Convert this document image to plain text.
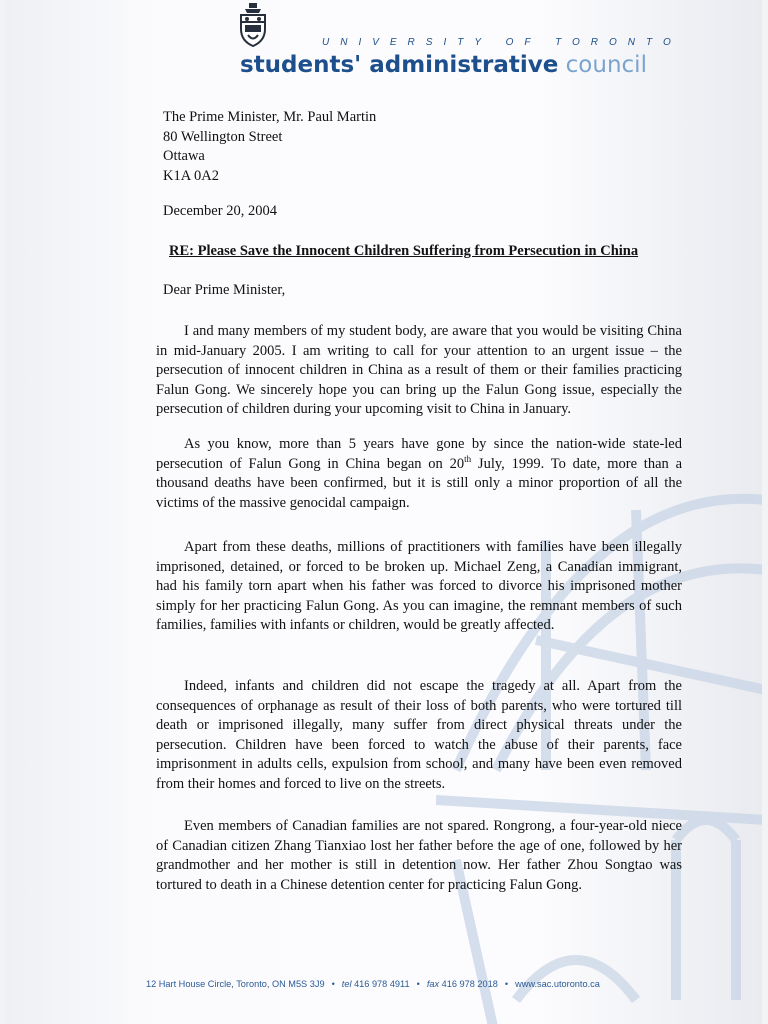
UNIVERSITY OF TORONTO
students' administrative council
The Prime Minister, Mr. Paul Martin
80 Wellington Street
Ottawa
K1A 0A2
December 20, 2004
RE: Please Save the Innocent Children Suffering from Persecution in China
Dear Prime Minister,
I and many members of my student body, are aware that you would be visiting China in mid-January 2005. I am writing to call for your attention to an urgent issue – the persecution of innocent children in China as a result of them or their families practicing Falun Gong. We sincerely hope you can bring up the Falun Gong issue, especially the persecution of children during your upcoming visit to China in January.
As you know, more than 5 years have gone by since the nation-wide state-led persecution of Falun Gong in China began on 20th July, 1999. To date, more than a thousand deaths have been confirmed, but it is still only a minor proportion of all the victims of the massive genocidal campaign.
Apart from these deaths, millions of practitioners with families have been illegally imprisoned, detained, or forced to be broken up. Michael Zeng, a Canadian immigrant, had his family torn apart when his father was forced to divorce his imprisoned mother simply for her practicing Falun Gong. As you can imagine, the remnant members of such families, families with infants or children, would be greatly affected.
Indeed, infants and children did not escape the tragedy at all. Apart from the consequences of orphanage as result of their loss of both parents, who were tortured till death or imprisoned illegally, many suffer from direct physical threats under the persecution. Children have been forced to watch the abuse of their parents, face imprisonment in adults cells, expulsion from school, and many have been even removed from their homes and forced to live on the streets.
Even members of Canadian families are not spared. Rongrong, a four-year-old niece of Canadian citizen Zhang Tianxiao lost her father before the age of one, followed by her grandmother and her mother is still in detention now. Her father Zhou Songtao was tortured to death in a Chinese detention center for practicing Falun Gong.
12 Hart House Circle, Toronto, ON M5S 3J9 • tel 416 978 4911 • fax 416 978 2018 • www.sac.utoronto.ca
